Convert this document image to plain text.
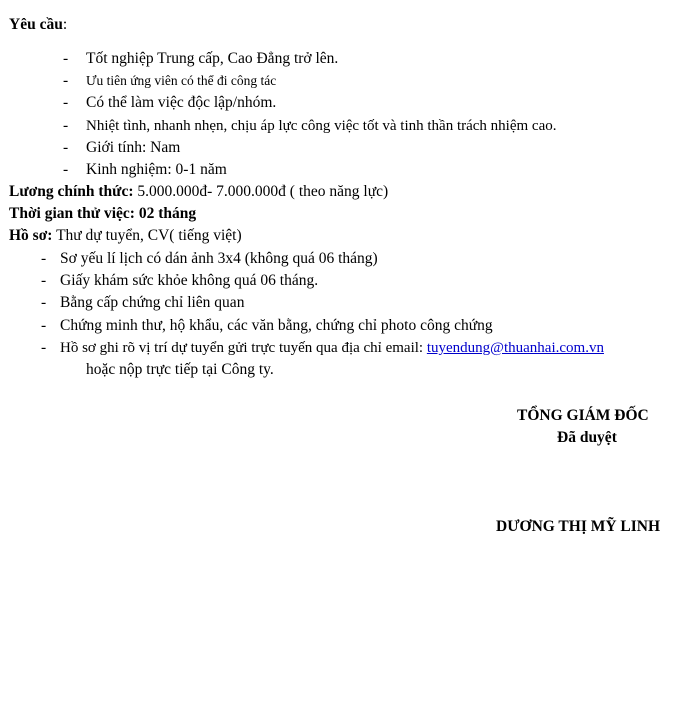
Yêu cầu:
- Tốt nghiệp Trung cấp, Cao Đẳng trở lên.
- Ưu tiên ứng viên có thể đi công tác
- Có thể làm việc độc lập/nhóm.
- Nhiệt tình, nhanh nhẹn, chịu áp lực công việc tốt và tinh thần trách nhiệm cao.
- Giới tính: Nam
- Kinh nghiệm: 0-1 năm
Lương chính thức: 5.000.000đ- 7.000.000đ ( theo năng lực)
Thời gian thử việc: 02 tháng
Hồ sơ: Thư dự tuyển, CV( tiếng việt)
- Sơ yếu lí lịch có dán ảnh 3x4 (không quá 06 tháng)
- Giấy khám sức khỏe không quá 06 tháng.
- Bằng cấp chứng chỉ liên quan
- Chứng minh thư, hộ khẩu, các văn bằng, chứng chỉ photo công chứng
- Hồ sơ ghi rõ vị trí dự tuyển gửi trực tuyến qua địa chỉ email: tuyendung@thuanhai.com.vn
hoặc nộp trực tiếp tại Công ty.
TỔNG GIÁM ĐỐC
Đã duyệt
DƯƠNG THỊ MỸ LINH
